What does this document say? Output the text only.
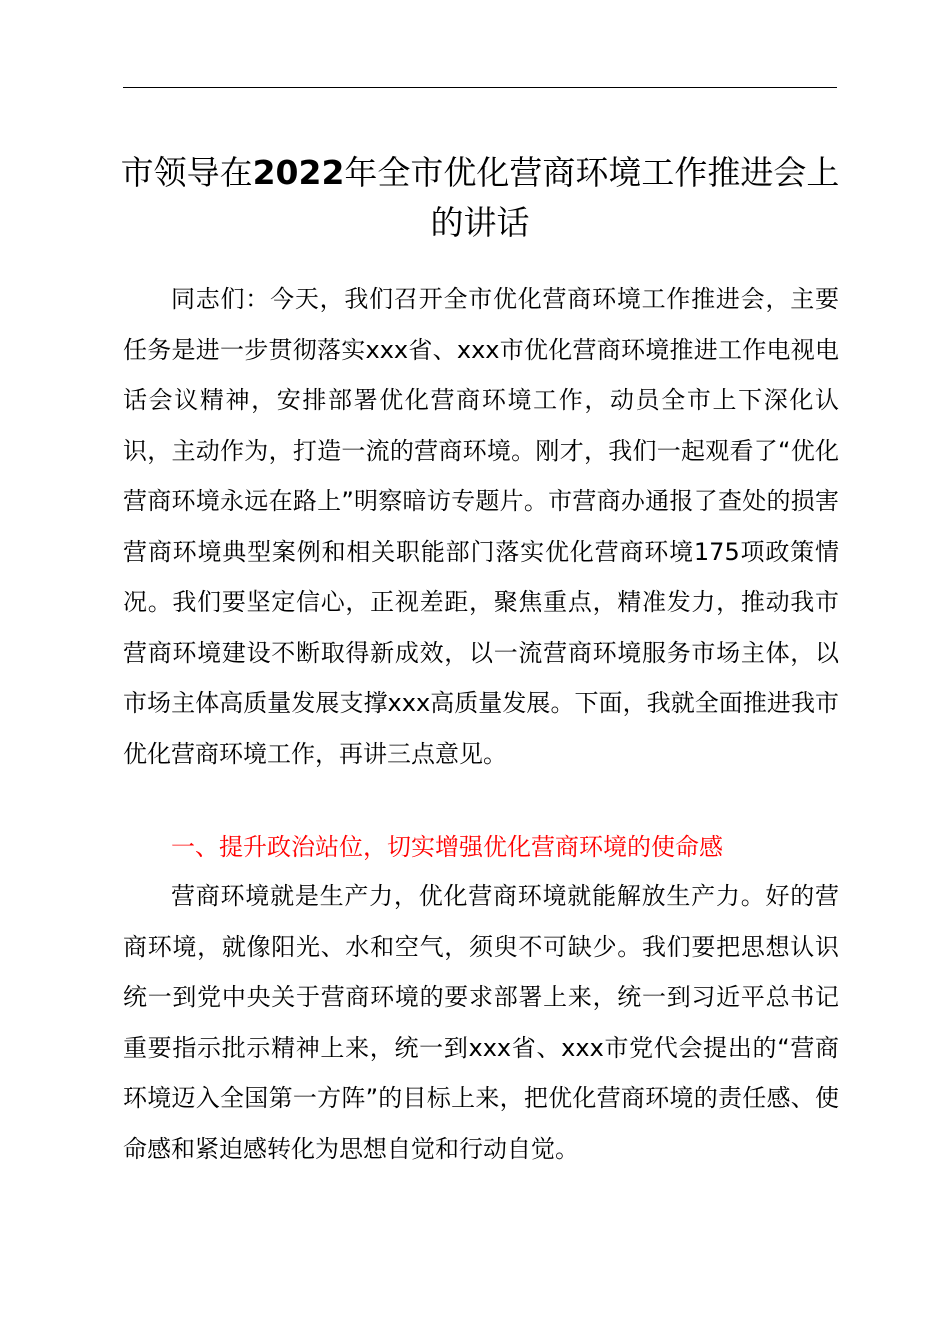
市领导在2022年全市优化营商环境工作推进会上的讲话

同志们：今天，我们召开全市优化营商环境工作推进会，主要任务是进一步贯彻落实xxx省、xxx市优化营商环境推进工作电视电话会议精神，安排部署优化营商环境工作，动员全市上下深化认识，主动作为，打造一流的营商环境。刚才，我们一起观看了“优化营商环境永远在路上”明察暗访专题片。市营商办通报了查处的损害营商环境典型案例和相关职能部门落实优化营商环境175项政策情况。我们要坚定信心，正视差距，聚焦重点，精准发力，推动我市营商环境建设不断取得新成效，以一流营商环境服务市场主体，以市场主体高质量发展支撑xxx高质量发展。下面，我就全面推进我市优化营商环境工作，再讲三点意见。

一、提升政治站位，切实增强优化营商环境的使命感

营商环境就是生产力，优化营商环境就能解放生产力。好的营商环境，就像阳光、水和空气，须臾不可缺少。我们要把思想认识统一到党中央关于营商环境的要求部署上来，统一到习近平总书记重要指示批示精神上来，统一到xxx省、xxx市党代会提出的“营商环境迈入全国第一方阵”的目标上来，把优化营商环境的责任感、使命感和紧迫感转化为思想自觉和行动自觉。
